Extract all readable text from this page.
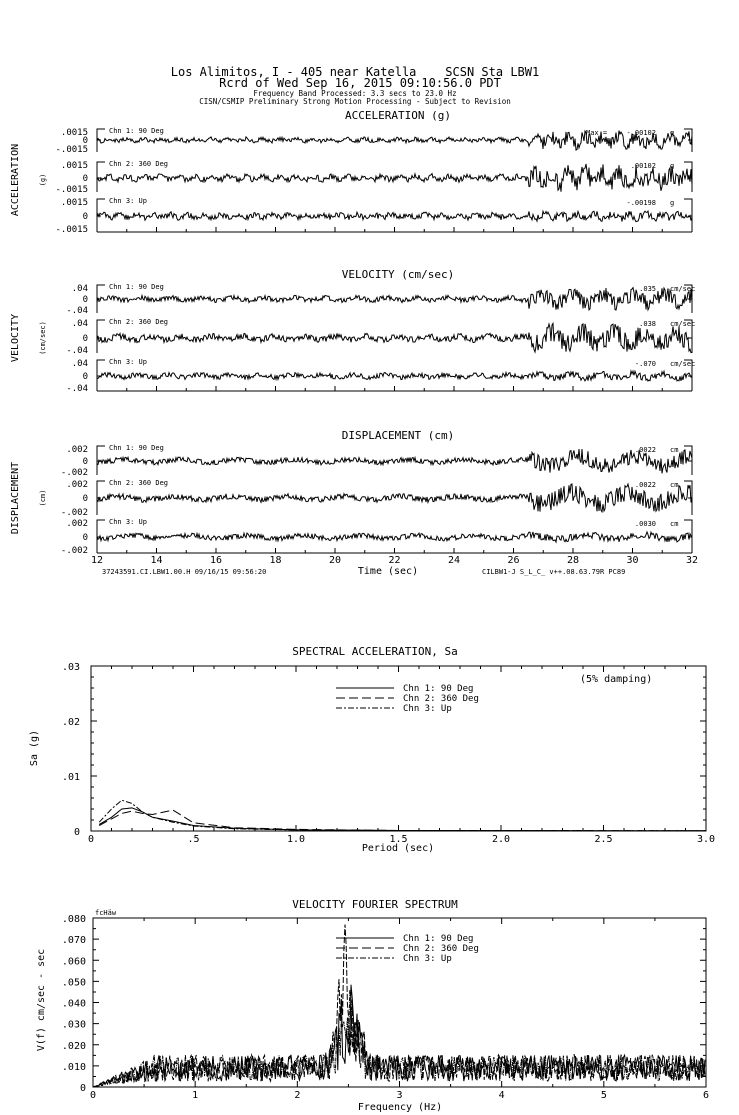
Los Alimitos, I - 405 near Katella    SCSN Sta LBW1
Rcrd of Wed Sep 16, 2015 09:10:56.0 PDT
Frequency Band Processed: 3.3 secs to 23.0 Hz
CISN/CSMIP Preliminary Strong Motion Processing - Subject to Revision
ACCELERATION (g)
ACCELERATION	(g)
.0015
0
-.0015
Chn 1: 90 Deg	Max =	-.00102 g
.0015
0
-.0015
Chn 2: 360 Deg	.00102 g
.0015
0
-.0015
Chn 3: Up	-.00198 g
VELOCITY (cm/sec)
VELOCITY	(cm/sec)
.04
0
-.04
Chn 1: 90 Deg	.035 cm/sec
.04
0
-.04
Chn 2: 360 Deg	.038 cm/sec
.04
0
-.04
Chn 3: Up	-.070 cm/sec
DISPLACEMENT (cm)
DISPLACEMENT	(cm)
.002
0
-.002
Chn 1: 90 Deg	.0022 cm
.002
0
-.002
Chn 2: 360 Deg	.0022 cm
.002
0
-.002
Chn 3: Up	.0030 cm
12	14	16	18	20	22	24	26	28	30	32
Time (sec)
37243591.CI.LBW1.00.H 09/16/15 09:56:20	CILBW1-J S_L_C_ v++.08.63.79R PC89
SPECTRAL ACCELERATION, Sa
.03
.02
.01
0
0	.5	1.0	1.5	2.0	2.5	3.0
Period (sec)
Sa (g)
(5% damping)
Chn 1: 90 Deg
Chn 2: 360 Deg
Chn 3: Up
VELOCITY FOURIER SPECTRUM
fcHäw
.080
.070
.060
.050
.040
.030
.020
.010
0
0	1	2	3	4	5	6
Frequency (Hz)
V(f) cm/sec - sec
Chn 1: 90 Deg
Chn 2: 360 Deg
Chn 3: Up
